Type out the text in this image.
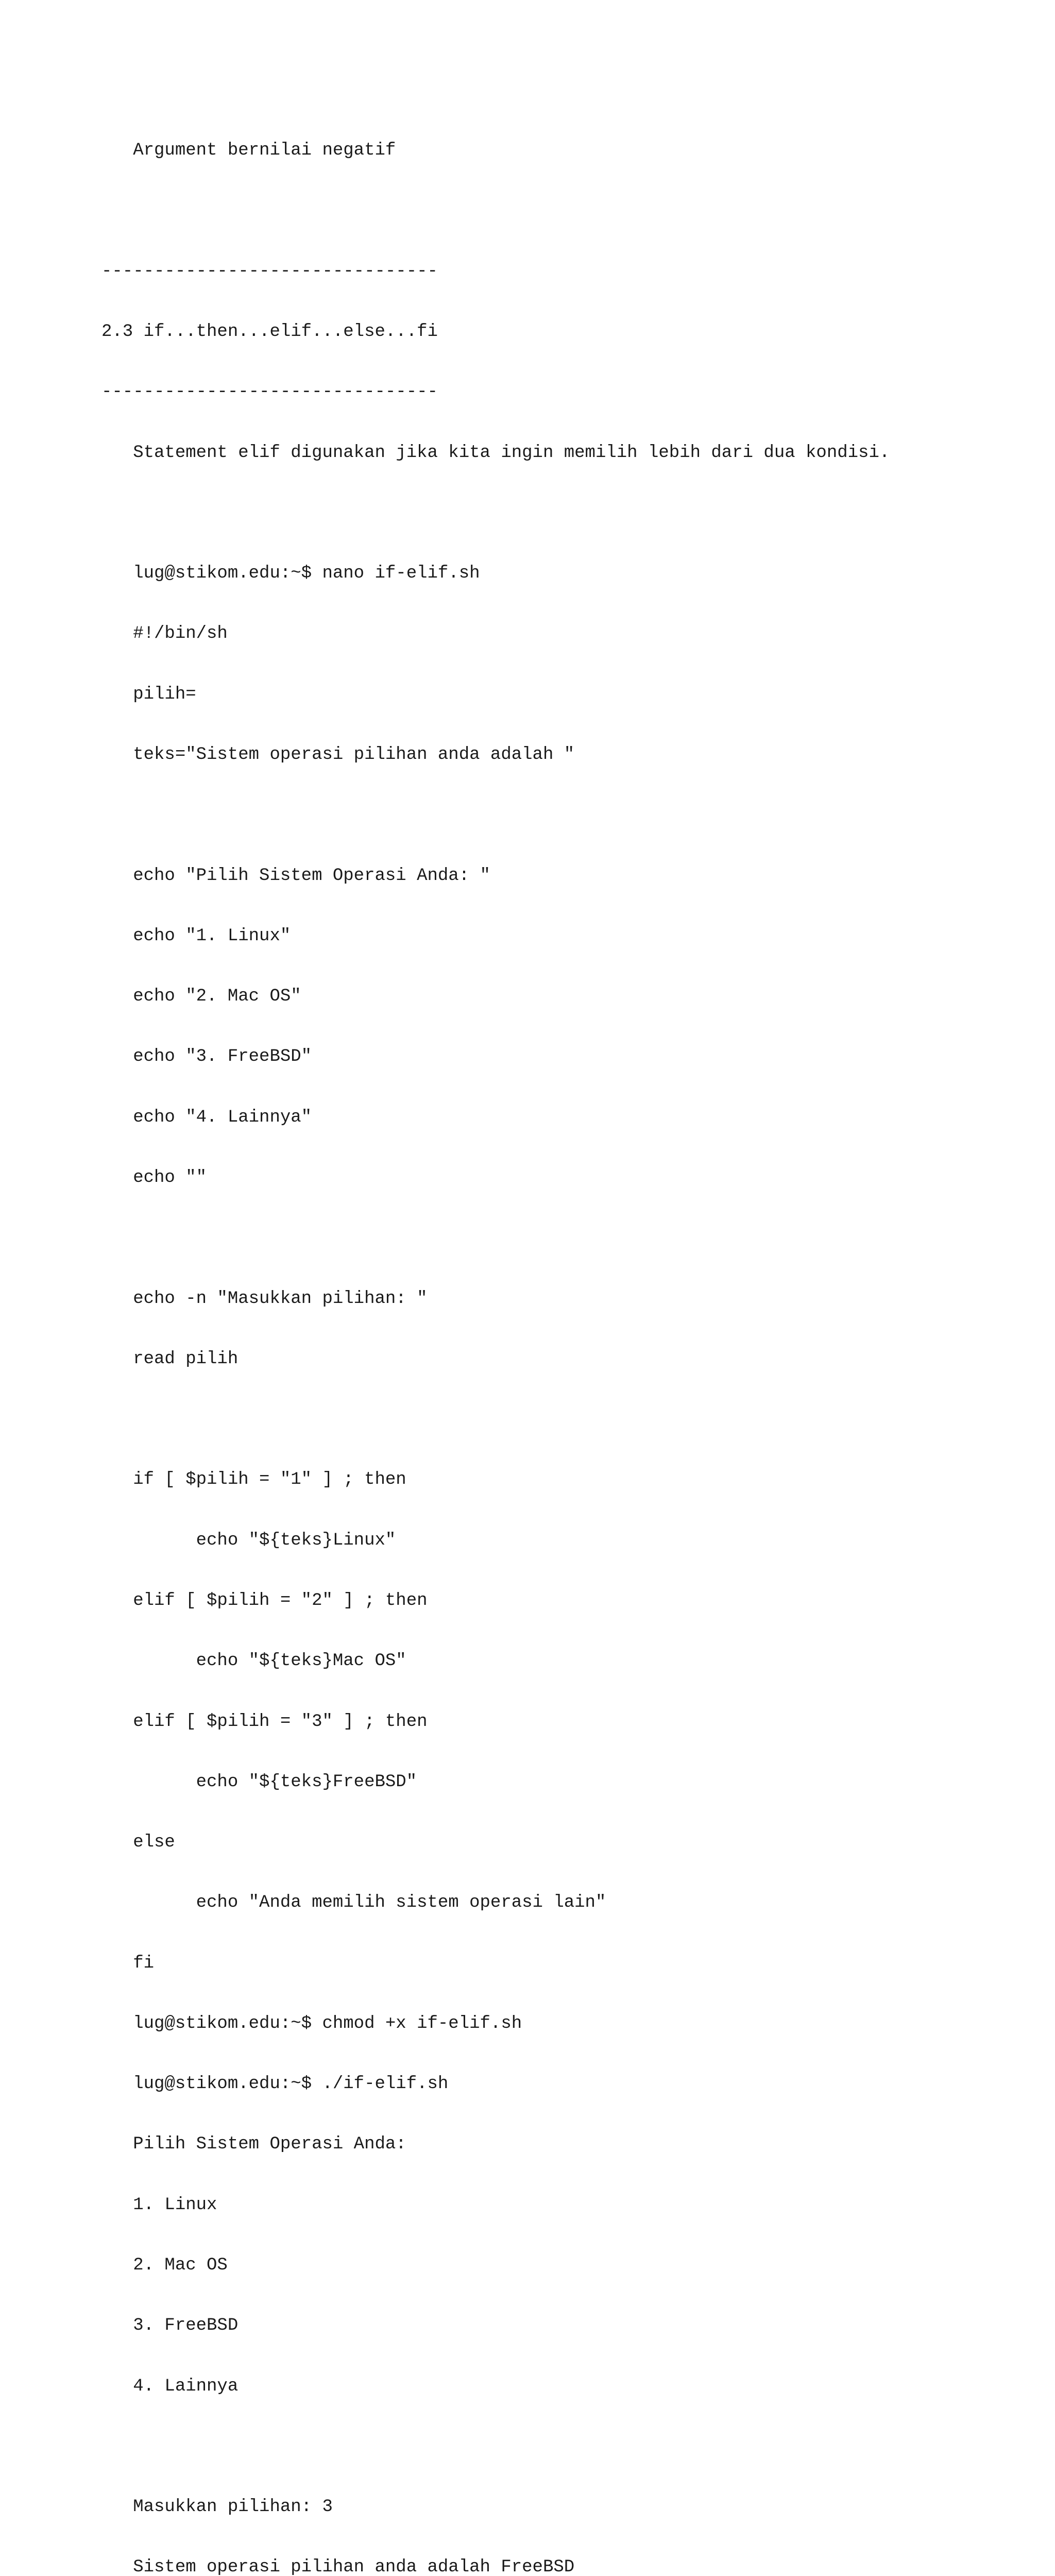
Argument bernilai negatif

--------------------------------

2.3 if...then...elif...else...fi

--------------------------------

Statement elif digunakan jika kita ingin memilih lebih dari dua kondisi.

lug@stikom.edu:~$ nano if-elif.sh

#!/bin/sh

pilih=

teks="Sistem operasi pilihan anda adalah "

echo "Pilih Sistem Operasi Anda: "

echo "1. Linux"

echo "2. Mac OS"

echo "3. FreeBSD"

echo "4. Lainnya"

echo ""

echo -n "Masukkan pilihan: "

read pilih

if [ $pilih = "1" ] ; then

echo "${teks}Linux"

elif [ $pilih = "2" ] ; then

echo "${teks}Mac OS"

elif [ $pilih = "3" ] ; then

echo "${teks}FreeBSD"

else

echo "Anda memilih sistem operasi lain"

fi

lug@stikom.edu:~$ chmod +x if-elif.sh

lug@stikom.edu:~$ ./if-elif.sh

Pilih Sistem Operasi Anda:

1. Linux

2. Mac OS

3. FreeBSD

4. Lainnya

Masukkan pilihan: 3

Sistem operasi pilihan anda adalah FreeBSD
